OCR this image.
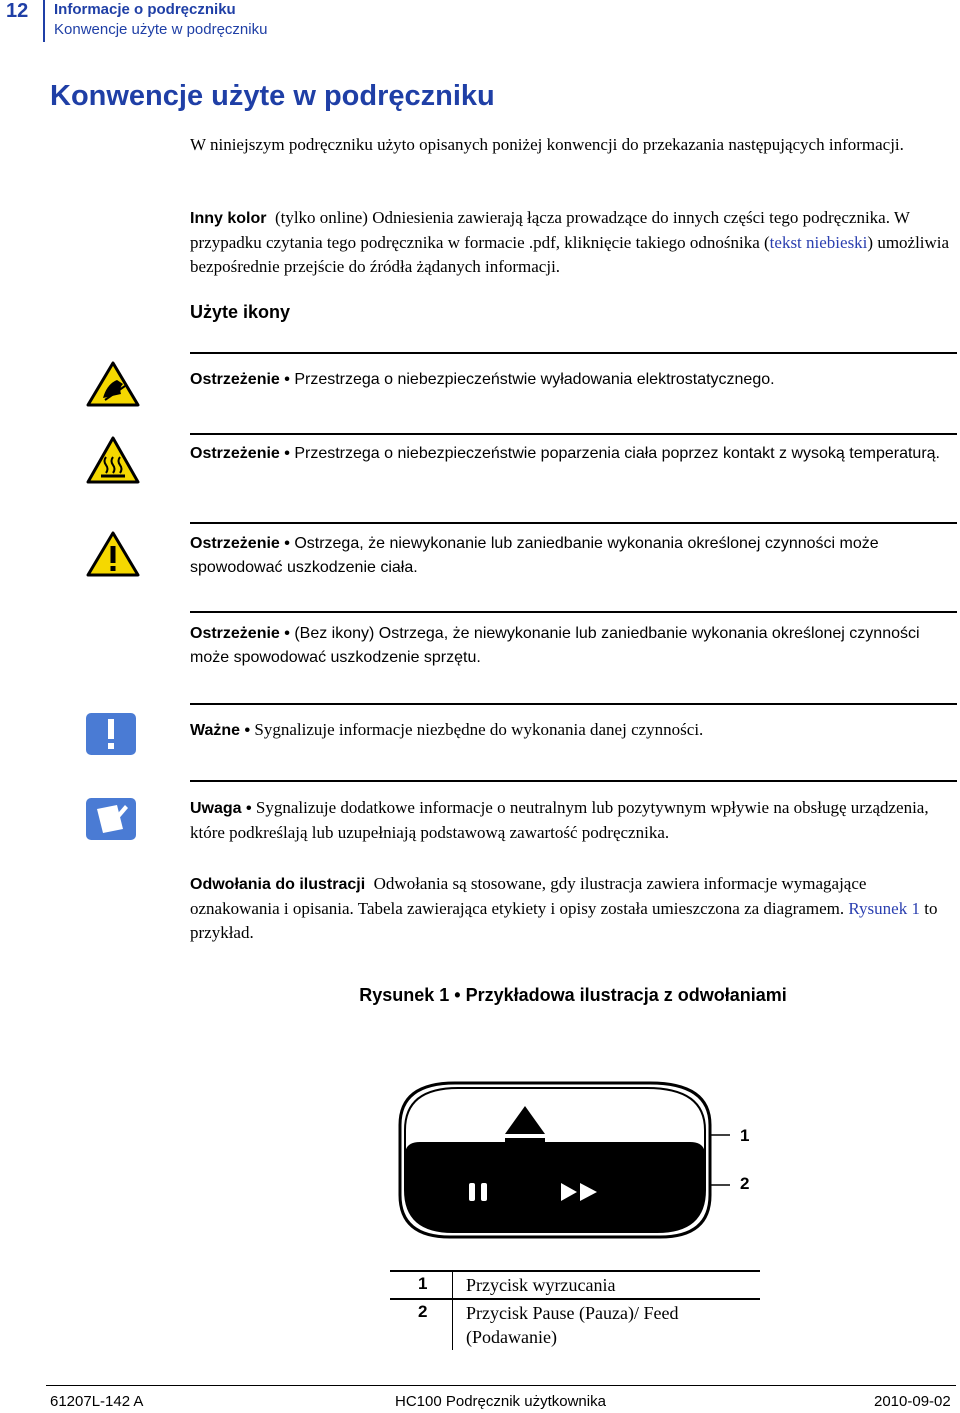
12 Informacje o podręczniku
Konwencje użyte w podręczniku
Konwencje użyte w podręczniku
W niniejszym podręczniku użyto opisanych poniżej konwencji do przekazania następujących informacji.
Inny kolor (tylko online) Odniesienia zawierają łącza prowadzące do innych części tego podręcznika. W przypadku czytania tego podręcznika w formacie .pdf, kliknięcie takiego odnośnika (tekst niebieski) umożliwia bezpośrednie przejście do źródła żądanych informacji.
Użyte ikony
Ostrzeżenie • Przestrzega o niebezpieczeństwie wyładowania elektrostatycznego.
Ostrzeżenie • Przestrzega o niebezpieczeństwie poparzenia ciała poprzez kontakt z wysoką temperaturą.
Ostrzeżenie • Ostrzega, że niewykonanie lub zaniedbanie wykonania określonej czynności może spowodować uszkodzenie ciała.
Ostrzeżenie • (Bez ikony) Ostrzega, że niewykonanie lub zaniedbanie wykonania określonej czynności może spowodować uszkodzenie sprzętu.
Ważne • Sygnalizuje informacje niezbędne do wykonania danej czynności.
Uwaga • Sygnalizuje dodatkowe informacje o neutralnym lub pozytywnym wpływie na obsługę urządzenia, które podkreślają lub uzupełniają podstawową zawartość podręcznika.
Odwołania do ilustracji Odwołania są stosowane, gdy ilustracja zawiera informacje wymagające oznakowania i opisania. Tabela zawierająca etykiety i opisy została umieszczona za diagramem. Rysunek 1 to przykład.
Rysunek 1 • Przykładowa ilustracja z odwołaniami
1
2
1 Przycisk wyrzucania
2 Przycisk Pause (Pauza)/ Feed (Podawanie)
61207L-142 A	HC100 Podręcznik użytkownika	2010-09-02
